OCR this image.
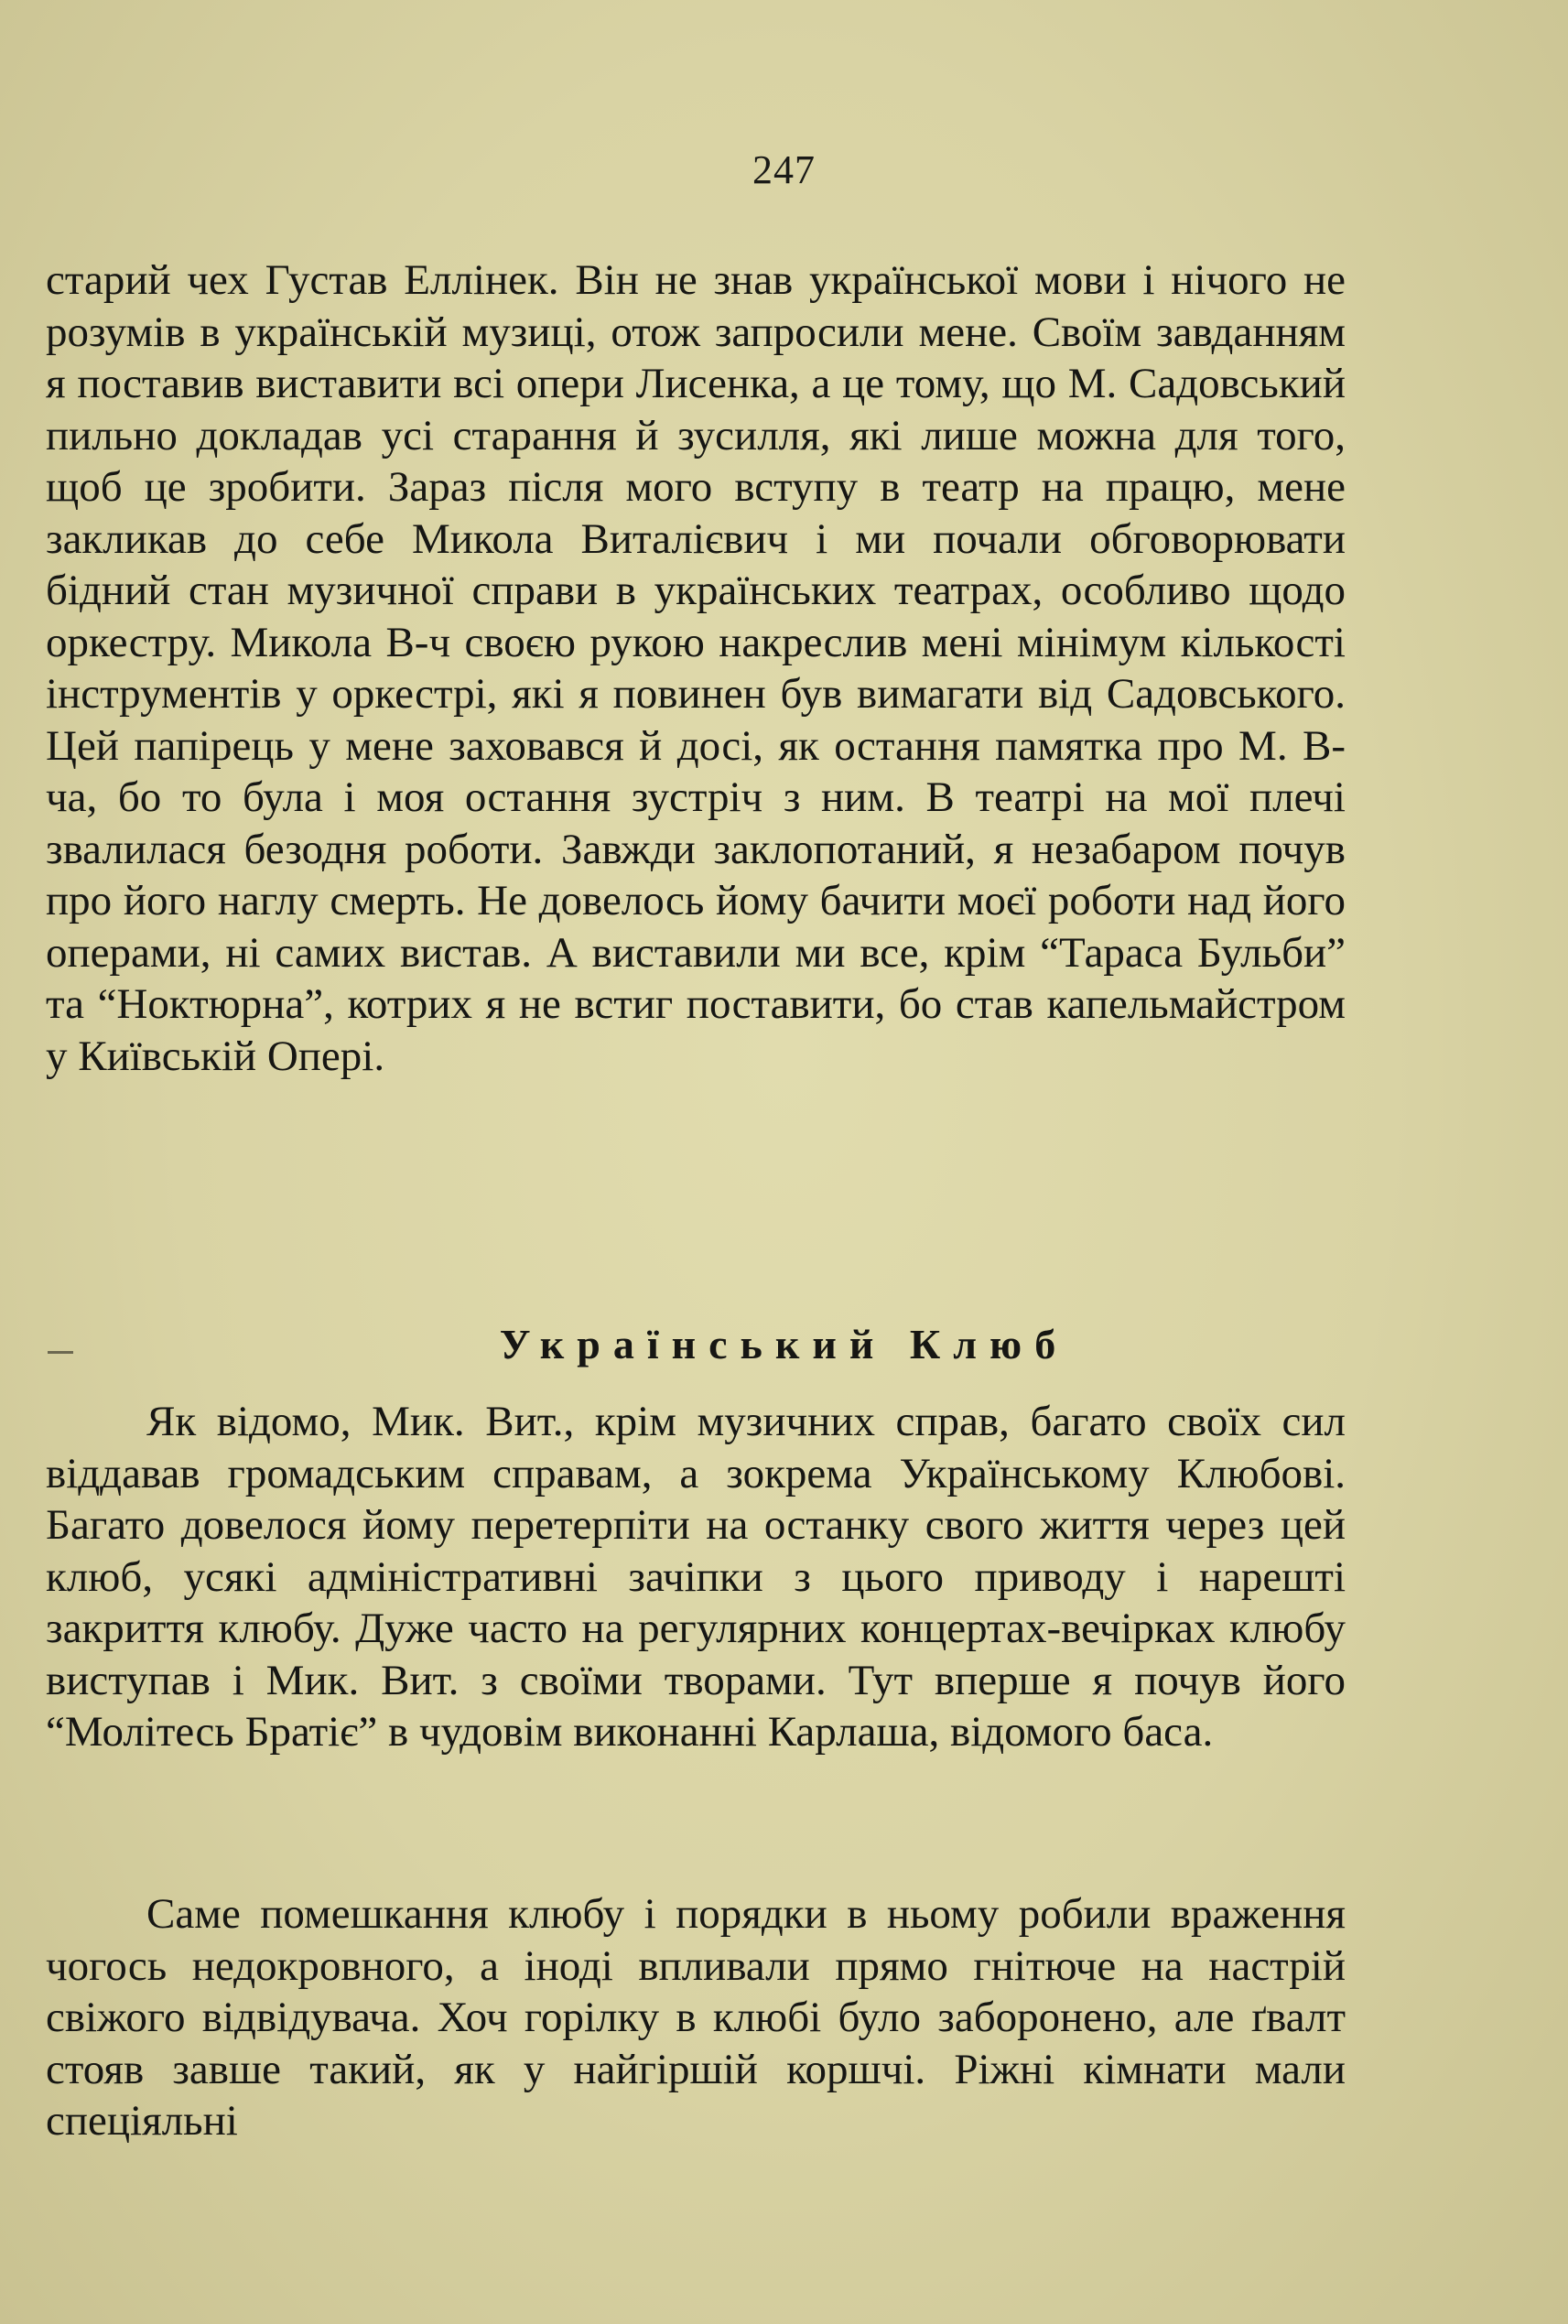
247

старий чех Густав Еллінек. Він не знав української мови і нічого не розумів в українській музиці, отож запросили мене. Своїм завданням я поставив виставити всі опери Лисенка, а це тому, що М. Садовський пильно докладав усі старання й зусилля, які лише можна для того, щоб це зробити. Зараз після мого вступу в театр на працю, мене закликав до себе Микола Виталієвич і ми почали обговорювати бідний стан музичної справи в українських театрах, особливо щодо оркестру. Микола В-ч своєю рукою накреслив мені мінімум кількості інструментів у оркестрі, які я повинен був вимагати від Садовського. Цей папірець у мене заховався й досі, як остання памятка про М. В-ча, бо то була і моя остання зустріч з ним. В театрі на мої плечі звалилася безодня роботи. Завжди заклопотаний, я незабаром почув про його наглу смерть. Не довелось йому бачити моєї роботи над його операми, ні самих вистав. А виставили ми все, крім “Тараса Бульби” та “Ноктюрна”, котрих я не встиг поставити, бо став капельмайстром у Київській Опері.

Український Клюб

Як відомо, Мик. Вит., крім музичних справ, багато своїх сил віддавав громадським справам, а зокрема Українському Клюбові. Багато довелося йому перетерпіти на останку свого життя через цей клюб, усякі адміністративні зачіпки з цього приводу і нарешті закриття клюбу. Дуже часто на регулярних концертах-вечірках клюбу виступав і Мик. Вит. з своїми творами. Тут вперше я почув його “Молітесь Братіє” в чудовім виконанні Карлаша, відомого баса.

Саме помешкання клюбу і порядки в ньому робили враження чогось недокровного, а іноді впливали прямо гнітюче на настрій свіжого відвідувача. Хоч горілку в клюбі було заборонено, але ґвалт стояв завше такий, як у найгіршій коршчі. Ріжні кімнати мали спеціяльні
